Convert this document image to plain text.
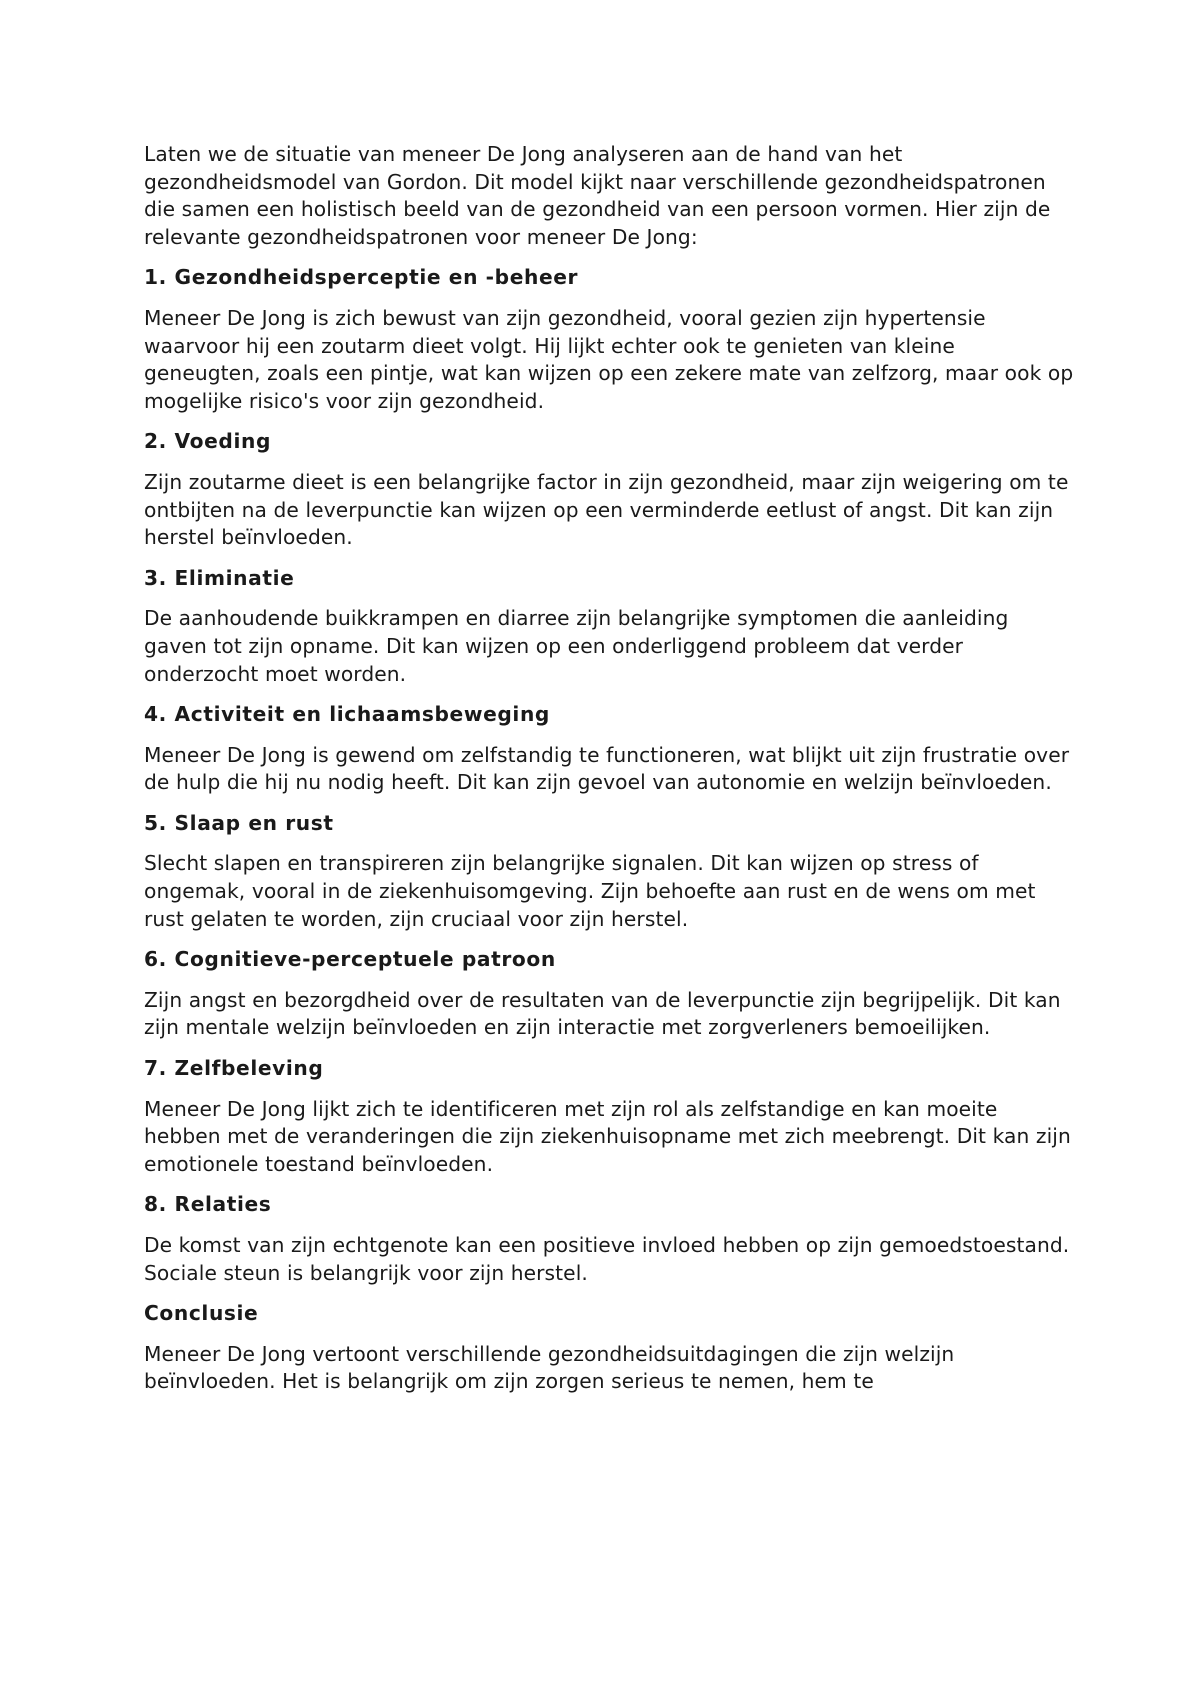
Laten we de situatie van meneer De Jong analyseren aan de hand van het gezondheidsmodel van Gordon. Dit model kijkt naar verschillende gezondheidspatronen die samen een holistisch beeld van de gezondheid van een persoon vormen. Hier zijn de relevante gezondheidspatronen voor meneer De Jong:

1. Gezondheidsperceptie en -beheer

Meneer De Jong is zich bewust van zijn gezondheid, vooral gezien zijn hypertensie waarvoor hij een zoutarm dieet volgt. Hij lijkt echter ook te genieten van kleine geneugten, zoals een pintje, wat kan wijzen op een zekere mate van zelfzorg, maar ook op mogelijke risico's voor zijn gezondheid.

2. Voeding

Zijn zoutarme dieet is een belangrijke factor in zijn gezondheid, maar zijn weigering om te ontbijten na de leverpunctie kan wijzen op een verminderde eetlust of angst. Dit kan zijn herstel beïnvloeden.

3. Eliminatie

De aanhoudende buikkrampen en diarree zijn belangrijke symptomen die aanleiding gaven tot zijn opname. Dit kan wijzen op een onderliggend probleem dat verder onderzocht moet worden.

4. Activiteit en lichaamsbeweging

Meneer De Jong is gewend om zelfstandig te functioneren, wat blijkt uit zijn frustratie over de hulp die hij nu nodig heeft. Dit kan zijn gevoel van autonomie en welzijn beïnvloeden.

5. Slaap en rust

Slecht slapen en transpireren zijn belangrijke signalen. Dit kan wijzen op stress of ongemak, vooral in de ziekenhuisomgeving. Zijn behoefte aan rust en de wens om met rust gelaten te worden, zijn cruciaal voor zijn herstel.

6. Cognitieve-perceptuele patroon

Zijn angst en bezorgdheid over de resultaten van de leverpunctie zijn begrijpelijk. Dit kan zijn mentale welzijn beïnvloeden en zijn interactie met zorgverleners bemoeilijken.

7. Zelfbeleving

Meneer De Jong lijkt zich te identificeren met zijn rol als zelfstandige en kan moeite hebben met de veranderingen die zijn ziekenhuisopname met zich meebrengt. Dit kan zijn emotionele toestand beïnvloeden.

8. Relaties

De komst van zijn echtgenote kan een positieve invloed hebben op zijn gemoedstoestand. Sociale steun is belangrijk voor zijn herstel.

Conclusie

Meneer De Jong vertoont verschillende gezondheidsuitdagingen die zijn welzijn beïnvloeden. Het is belangrijk om zijn zorgen serieus te nemen, hem te
